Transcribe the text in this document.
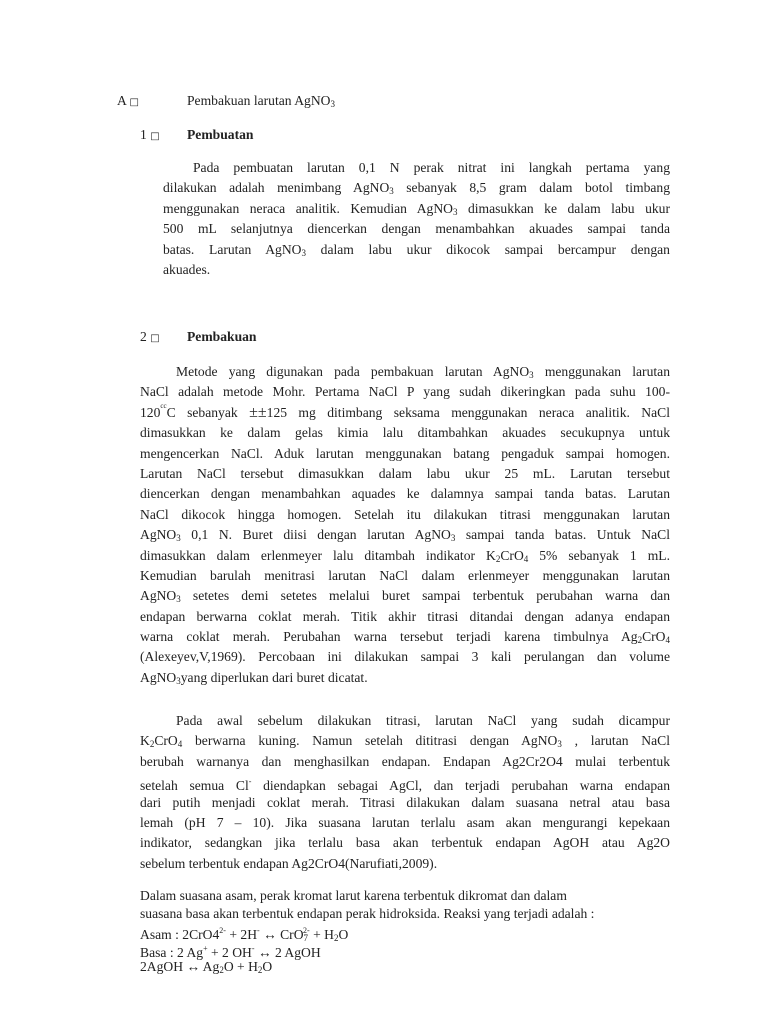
A □	Pembakuan larutan AgNO$_3$
1 □ Pembuatan
Pada pembuatan larutan 0,1 N perak nitrat ini langkah pertama yang
dilakukan adalah menimbang AgNO$_3$ sebanyak 8,5 gram dalam botol timbang
menggunakan neraca analitik. Kemudian AgNO$_3$ dimasukkan ke dalam labu ukur
500 mL selanjutnya diencerkan dengan menambahkan akuades sampai tanda
batas. Larutan AgNO$_3$ dalam labu ukur dikocok sampai bercampur dengan
akuades.
2 □ Pembakuan
Metode yang digunakan pada pembakuan larutan AgNO$_3$ menggunakan larutan
NaCl adalah metode Mohr. Pertama NaCl P yang sudah dikeringkan pada suhu 100-
$120^{cc}C$ sebanyak ±±125 mg ditimbang seksama menggunakan neraca analitik. NaCl
dimasukkan ke dalam gelas kimia lalu ditambahkan akuades secukupnya untuk
mengencerkan NaCl. Aduk larutan menggunakan batang pengaduk sampai homogen.
Larutan NaCl tersebut dimasukkan dalam labu ukur 25 mL. Larutan tersebut
diencerkan dengan menambahkan aquades ke dalamnya sampai tanda batas. Larutan
NaCl dikocok hingga homogen. Setelah itu dilakukan titrasi menggunakan larutan
AgNO$_3$ 0,1 N. Buret diisi dengan larutan AgNO$_3$ sampai tanda batas. Untuk NaCl
dimasukkan dalam erlenmeyer lalu ditambah indikator $K_2CrO_4$ 5% sebanyak 1 mL.
Kemudian barulah menitrasi larutan NaCl dalam erlenmeyer menggunakan larutan
AgNO$_3$ setetes demi setetes melalui buret sampai terbentuk perubahan warna dan
endapan berwarna coklat merah. Titik akhir titrasi ditandai dengan adanya endapan
warna coklat merah. Perubahan warna tersebut terjadi karena timbulnya $Ag_2CrO_4$
(Alexeyev,V,1969). Percobaan ini dilakukan sampai 3 kali perulangan dan volume
AgNO$_3$yang diperlukan dari buret dicatat.
Pada awal sebelum dilakukan titrasi, larutan NaCl yang sudah dicampur
$K_2CrO_4$ berwarna kuning. Namun setelah dititrasi dengan AgNO$_3$ , larutan NaCl
berubah warnanya dan menghasilkan endapan. Endapan Ag2Cr2O4 mulai terbentuk
setelah semua Cl- diendapkan sebagai AgCl, dan terjadi perubahan warna endapan
dari putih menjadi coklat merah. Titrasi dilakukan dalam suasana netral atau basa
lemah (pH 7 – 10). Jika suasana larutan terlalu asam akan mengurangi kepekaan
indikator, sedangkan jika terlalu basa akan terbentuk endapan AgOH atau Ag2O
sebelum terbentuk endapan Ag2CrO4(Narufiati,2009).
Dalam suasana asam, perak kromat larut karena terbentuk dikromat dan dalam
suasana basa akan terbentuk endapan perak hidroksida. Reaksi yang terjadi adalah :
Asam : $2CrO4^{2-} + 2H^-$ ↔ $CrO_7^{2-} + H_2O$
Basa : 2 Ag+ + 2 OH- ↔ 2 AgOH
2AgOH ↔ $Ag_2O + H_2O$
